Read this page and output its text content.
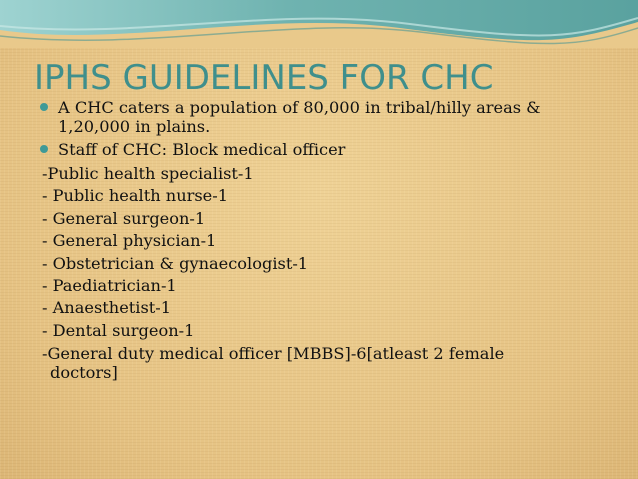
IPHS GUIDELINES FOR CHC
A CHC caters a population of 80,000 in tribal/hilly areas &
1,20,000 in plains.
Staff of CHC: Block medical officer
-Public health specialist-1
- Public health nurse-1
- General surgeon-1
- General physician-1
- Obstetrician & gynaecologist-1
- Paediatrician-1
- Anaesthetist-1
- Dental surgeon-1
-General duty medical officer [MBBS]-6[atleast 2 female
doctors]
